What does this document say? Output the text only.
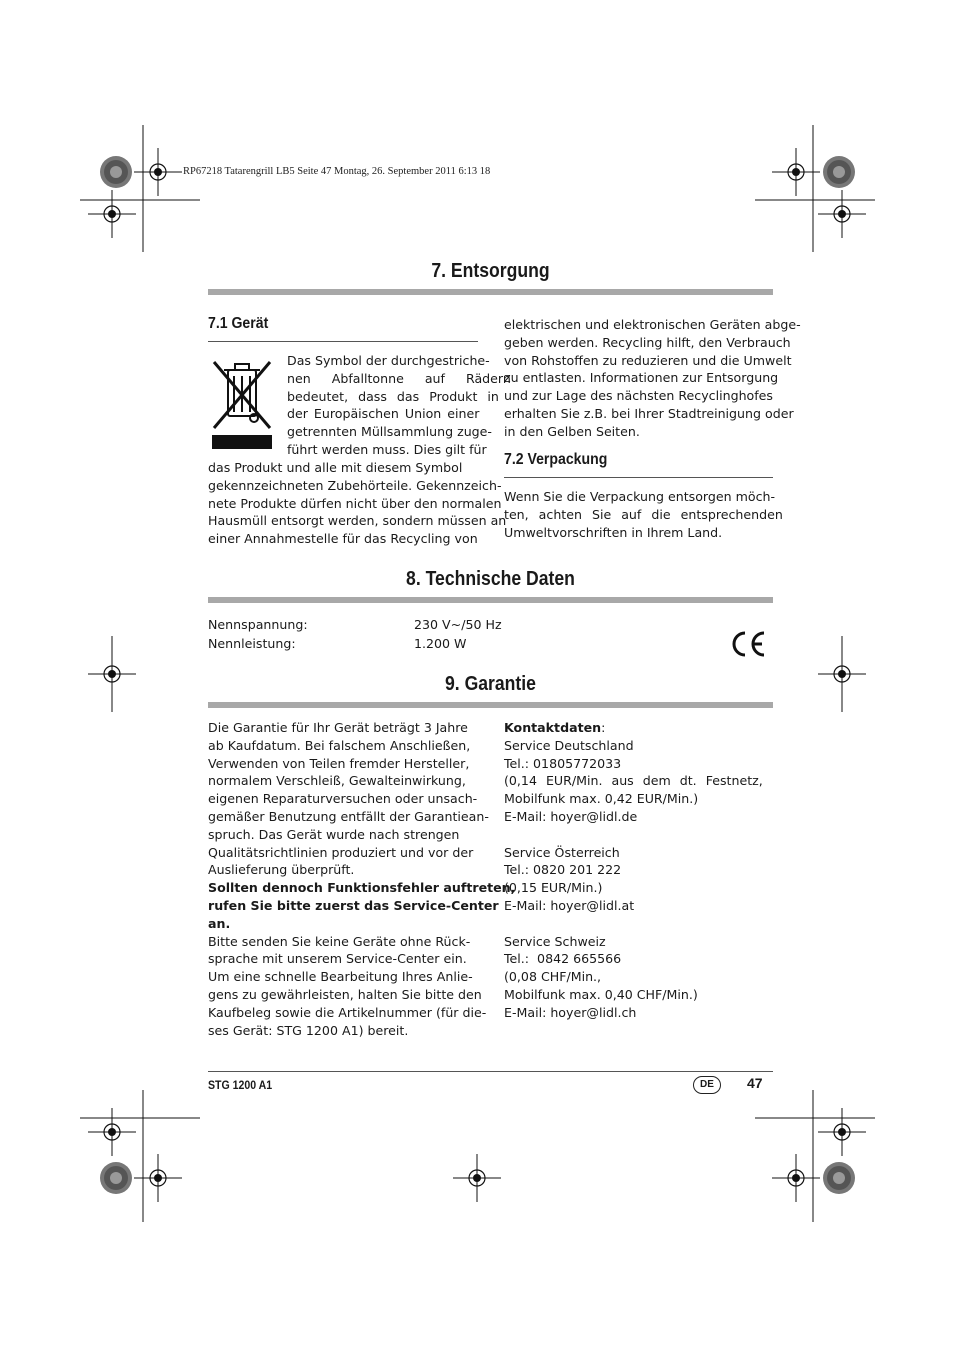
RP67218 Tatarengrill LB5 Seite 47 Montag, 26. September 2011 6:13 18
7. Entsorgung
7.1 Gerät
Das Symbol der durchgestriche-
nen Abfalltonne auf Rädern
bedeutet, dass das Produkt in
der Europäischen Union einer
getrennten Müllsammlung zuge-
führt werden muss. Dies gilt für
das Produkt und alle mit diesem Symbol
gekennzeichneten Zubehörteile. Gekennzeich-
nete Produkte dürfen nicht über den normalen
Hausmüll entsorgt werden, sondern müssen an
einer Annahmestelle für das Recycling von
elektrischen und elektronischen Geräten abge-
geben werden. Recycling hilft, den Verbrauch
von Rohstoffen zu reduzieren und die Umwelt
zu entlasten. Informationen zur Entsorgung
und zur Lage des nächsten Recyclinghofes
erhalten Sie z.B. bei Ihrer Stadtreinigung oder
in den Gelben Seiten.
7.2 Verpackung
Wenn Sie die Verpackung entsorgen möch-
ten, achten Sie auf die entsprechenden
Umweltvorschriften in Ihrem Land.
8. Technische Daten
Nennspannung:	230 V~/50 Hz
Nennleistung:	1.200 W
9. Garantie
Die Garantie für Ihr Gerät beträgt 3 Jahre
ab Kaufdatum. Bei falschem Anschließen,
Verwenden von Teilen fremder Hersteller,
normalem Verschleiß, Gewalteinwirkung,
eigenen Reparaturversuchen oder unsach-
gemäßer Benutzung entfällt der Garantiean-
spruch. Das Gerät wurde nach strengen
Qualitätsrichtlinien produziert und vor der
Auslieferung überprüft.
Sollten dennoch Funktionsfehler auftreten,
rufen Sie bitte zuerst das Service-Center
an.
Bitte senden Sie keine Geräte ohne Rück-
sprache mit unserem Service-Center ein.
Um eine schnelle Bearbeitung Ihres Anlie-
gens zu gewährleisten, halten Sie bitte den
Kaufbeleg sowie die Artikelnummer (für die-
ses Gerät: STG 1200 A1) bereit.
Kontaktdaten:
Service Deutschland
Tel.: 01805772033
(0,14 EUR/Min. aus dem dt. Festnetz,
Mobilfunk max. 0,42 EUR/Min.)
E-Mail: hoyer@lidl.de

Service Österreich
Tel.: 0820 201 222
(0,15 EUR/Min.)
E-Mail: hoyer@lidl.at

Service Schweiz
Tel.:  0842 665566
(0,08 CHF/Min.,
Mobilfunk max. 0,40 CHF/Min.)
E-Mail: hoyer@lidl.ch
STG 1200 A1	DE	47
